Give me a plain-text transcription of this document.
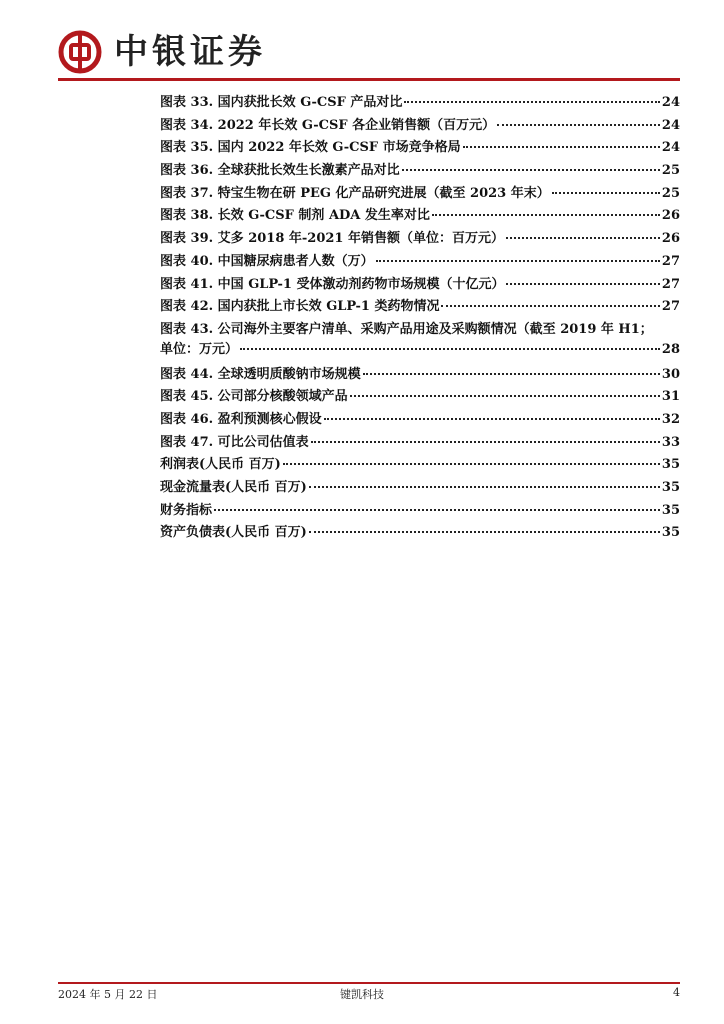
中银证券
图表 33. 国内获批长效 G-CSF 产品对比	24
图表 34. 2022 年长效 G-CSF 各企业销售额（百万元）	24
图表 35. 国内 2022 年长效 G-CSF 市场竞争格局	24
图表 36. 全球获批长效生长激素产品对比	25
图表 37. 特宝生物在研 PEG 化产品研究进展（截至 2023 年末）	25
图表 38. 长效 G-CSF 制剂 ADA 发生率对比	26
图表 39. 艾多 2018 年-2021 年销售额（单位：百万元）	26
图表 40. 中国糖尿病患者人数（万）	27
图表 41. 中国 GLP-1 受体激动剂药物市场规模（十亿元）	27
图表 42. 国内获批上市长效 GLP-1 类药物情况	27
图表 43. 公司海外主要客户清单、采购产品用途及采购额情况（截至 2019 年 H1；
单位：万元）	28
图表 44. 全球透明质酸钠市场规模	30
图表 45. 公司部分核酸领域产品	31
图表 46. 盈利预测核心假设	32
图表 47. 可比公司估值表	33
利润表(人民币 百万)	35
现金流量表(人民币 百万)	35
财务指标	35
资产负债表(人民币 百万)	35
2024 年 5 月 22 日	键凯科技	4
